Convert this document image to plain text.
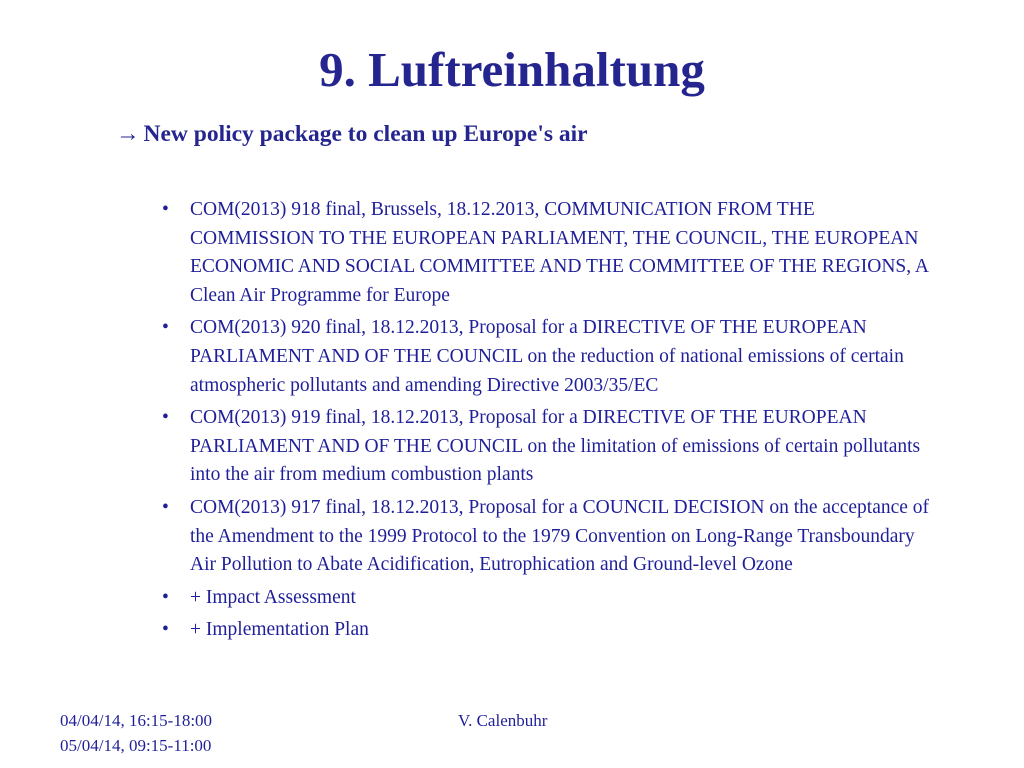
9. Luftreinhaltung
→ New policy package to clean up Europe's air
•	COM(2013) 918 final, Brussels, 18.12.2013, COMMUNICATION FROM THE COMMISSION TO THE EUROPEAN PARLIAMENT, THE COUNCIL, THE EUROPEAN ECONOMIC AND SOCIAL COMMITTEE AND THE COMMITTEE OF THE REGIONS, A Clean Air Programme for Europe
•	COM(2013) 920 final, 18.12.2013, Proposal for a DIRECTIVE OF THE EUROPEAN PARLIAMENT AND OF THE COUNCIL on the reduction of national emissions of certain atmospheric pollutants and amending Directive 2003/35/EC
•	COM(2013) 919 final, 18.12.2013, Proposal for a DIRECTIVE OF THE EUROPEAN PARLIAMENT AND OF THE COUNCIL on the limitation of emissions of certain pollutants into the air from medium combustion plants
•	COM(2013) 917 final, 18.12.2013, Proposal for a COUNCIL DECISION on the acceptance of the Amendment to the 1999 Protocol to the 1979 Convention on Long-Range Transboundary Air Pollution to Abate Acidification, Eutrophication and Ground-level Ozone
•	+ Impact Assessment
•	+ Implementation Plan
04/04/14, 16:15-18:00
05/04/14, 09:15-11:00
V. Calenbuhr
